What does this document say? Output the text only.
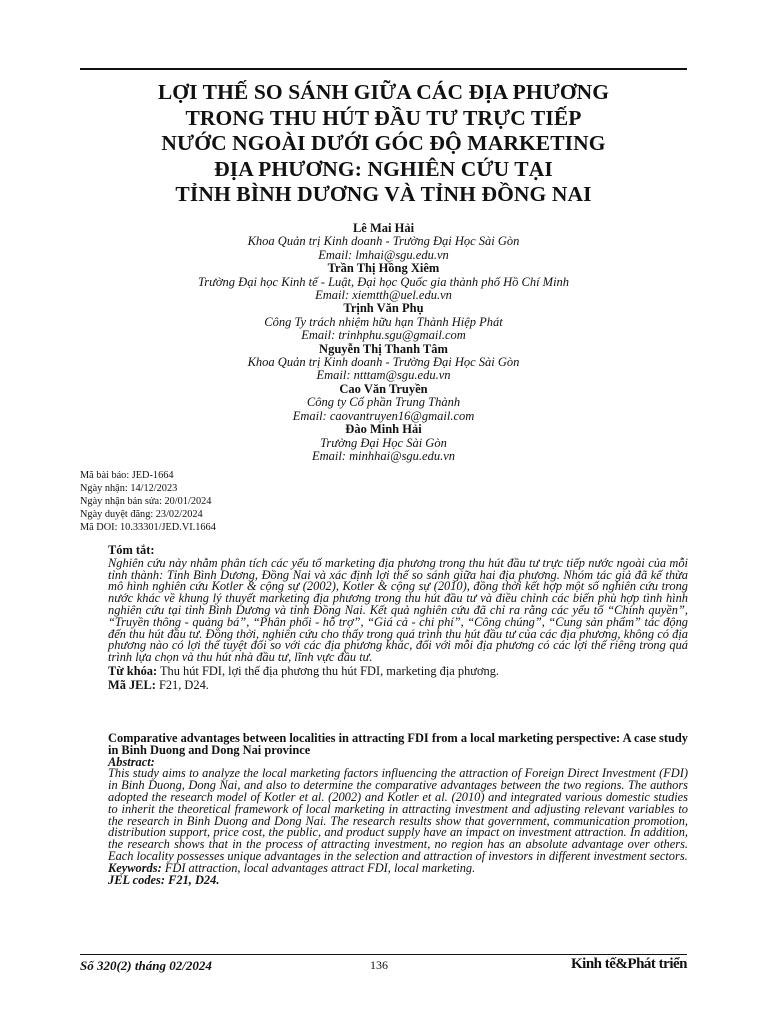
LỢI THẾ SO SÁNH GIỮA CÁC ĐỊA PHƯƠNG
TRONG THU HÚT ĐẦU TƯ TRỰC TIẾP
NƯỚC NGOÀI DƯỚI GÓC ĐỘ MARKETING
ĐỊA PHƯƠNG: NGHIÊN CỨU TẠI
TỈNH BÌNH DƯƠNG VÀ TỈNH ĐỒNG NAI
Lê Mai Hải
Khoa Quản trị Kinh doanh - Trường Đại Học Sài Gòn
Email: lmhai@sgu.edu.vn
Trần Thị Hồng Xiêm
Trường Đại học Kinh tế - Luật, Đại học Quốc gia thành phố Hồ Chí Minh
Email: xiemtth@uel.edu.vn
Trịnh Văn Phụ
Công Ty trách nhiệm hữu hạn Thành Hiệp Phát
Email: trinhphu.sgu@gmail.com
Nguyễn Thị Thanh Tâm
Khoa Quản trị Kinh doanh - Trường Đại Học Sài Gòn
Email: ntttam@sgu.edu.vn
Cao Văn Truyền
Công ty Cổ phần Trung Thành
Email: caovantruyen16@gmail.com
Đào Minh Hải
Trường Đại Học Sài Gòn
Email: minhhai@sgu.edu.vn
Mã bài báo: JED-1664
Ngày nhận: 14/12/2023
Ngày nhận bản sửa: 20/01/2024
Ngày duyệt đăng: 23/02/2024
Mã DOI: 10.33301/JED.VI.1664
Tóm tắt:
Nghiên cứu này nhằm phân tích các yếu tố marketing địa phương trong thu hút đầu tư trực tiếp nước ngoài của mỗi tỉnh thành: Tỉnh Bình Dương, Đồng Nai và xác định lợi thế so sánh giữa hai địa phương. Nhóm tác giả đã kế thừa mô hình nghiên cứu Kotler & cộng sự (2002), Kotler & cộng sự (2010), đồng thời kết hợp một số nghiên cứu trong nước khác về khung lý thuyết marketing địa phương trong thu hút đầu tư và điều chỉnh các biến phù hợp tình hình nghiên cứu tại tỉnh Bình Dương và tỉnh Đồng Nai. Kết quả nghiên cứu đã chỉ ra rằng các yếu tố “Chính quyền”, “Truyền thông - quảng bá”, “Phân phối - hỗ trợ”, “Giá cả - chi phí”, “Công chúng”, “Cung sản phẩm” tác động đến thu hút đầu tư. Đồng thời, nghiên cứu cho thấy trong quá trình thu hút đầu tư của các địa phương, không có địa phương nào có lợi thế tuyệt đối so với các địa phương khác, đối với mỗi địa phương có các lợi thế riêng trong quá trình lựa chọn và thu hút nhà đầu tư, lĩnh vực đầu tư.
Từ khóa: Thu hút FDI, lợi thế địa phương thu hút FDI, marketing địa phương.
Mã JEL: F21, D24.
Comparative advantages between localities in attracting FDI from a local marketing perspective: A case study in Binh Duong and Dong Nai province
Abstract:
This study aims to analyze the local marketing factors influencing the attraction of Foreign Direct Investment (FDI) in Binh Duong, Dong Nai, and also to determine the comparative advantages between the two regions. The authors adopted the research model of Kotler et al. (2002) and Kotler et al. (2010) and integrated various domestic studies to inherit the theoretical framework of local marketing in attracting investment and adjusting relevant variables to the research in Binh Duong and Dong Nai. The research results show that government, communication promotion, distribution support, price cost, the public, and product supply have an impact on investment attraction. In addition, the research shows that in the process of attracting investment, no region has an absolute advantage over others. Each locality possesses unique advantages in the selection and attraction of investors in different investment sectors.
Keywords: FDI attraction, local advantages attract FDI, local marketing.
JEL codes: F21, D24.
Số 320(2) tháng 02/2024	136	Kinh tế&Phát triển
